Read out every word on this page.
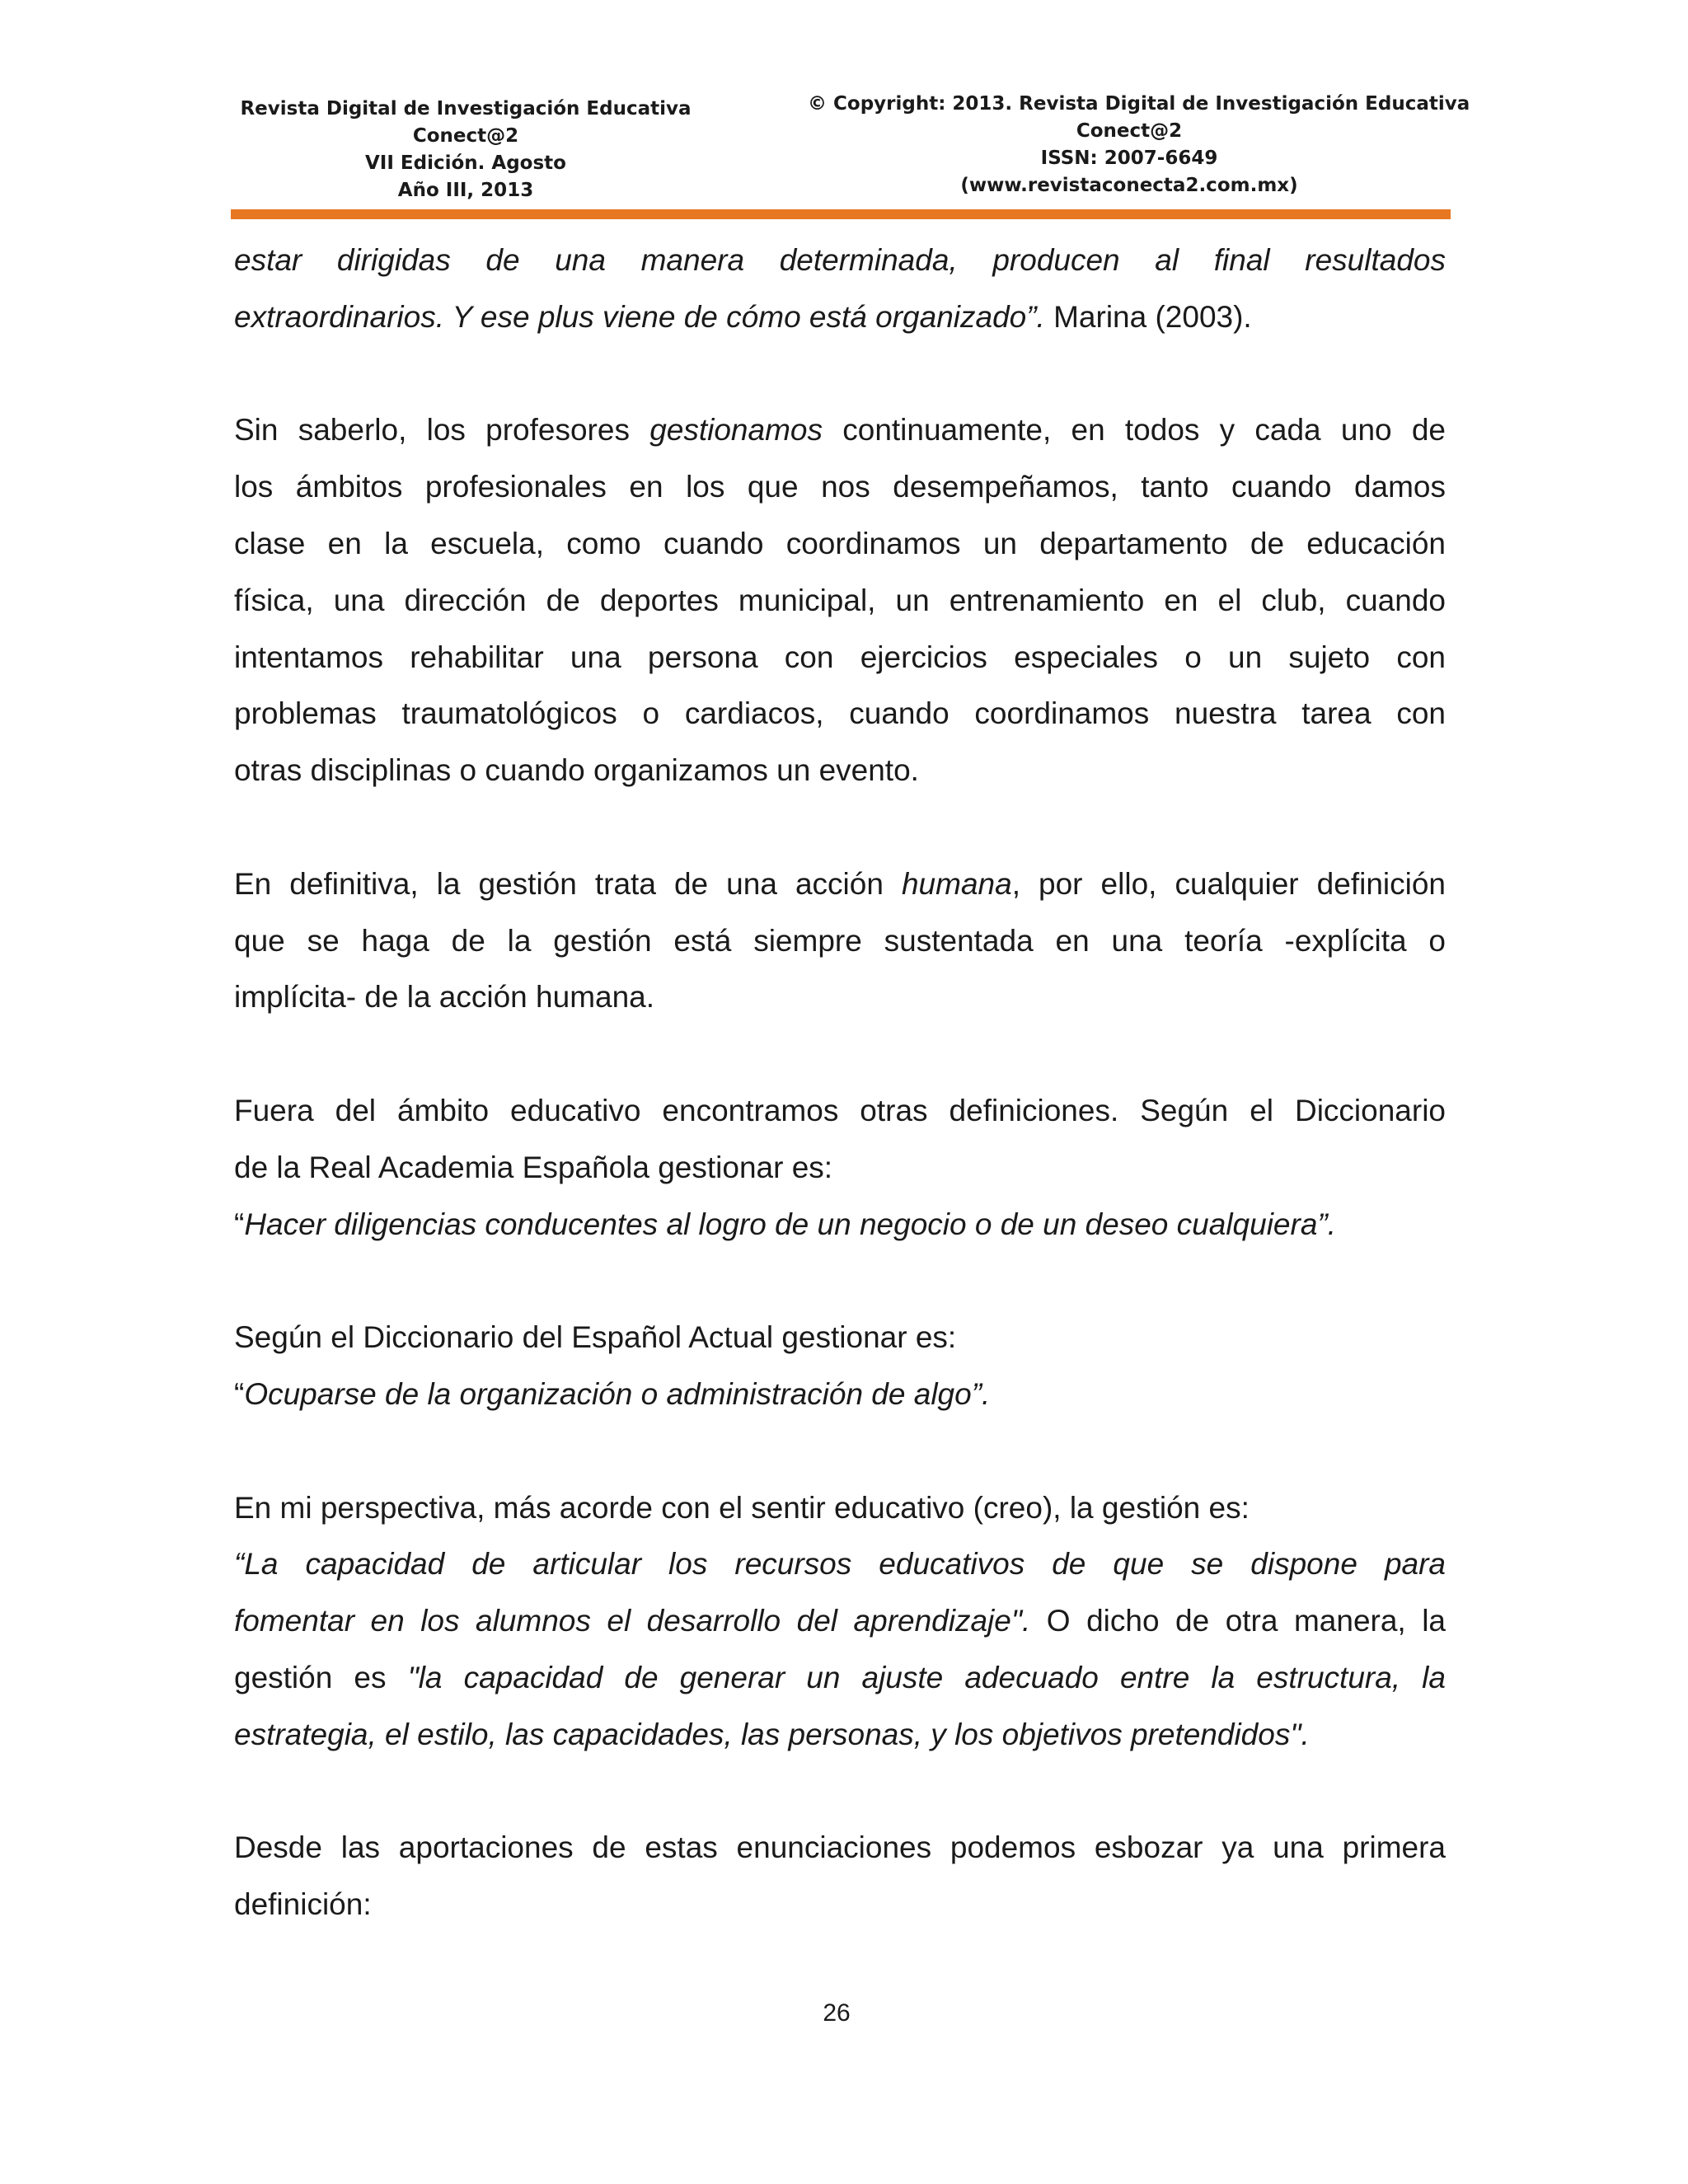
Revista Digital de Investigación Educativa
Conect@2
VII Edición. Agosto
Año III, 2013
© Copyright: 2013. Revista Digital de Investigación Educativa
Conect@2
ISSN: 2007-6649
(www.revistaconecta2.com.mx)

estar dirigidas de una manera determinada, producen al final resultados
extraordinarios. Y ese plus viene de cómo está organizado”. Marina (2003).

Sin saberlo, los profesores gestionamos continuamente, en todos y cada uno de
los ámbitos profesionales en los que nos desempeñamos, tanto cuando damos
clase en la escuela, como cuando coordinamos un departamento de educación
física, una dirección de deportes municipal, un entrenamiento en el club, cuando
intentamos rehabilitar una persona con ejercicios especiales o un sujeto con
problemas traumatológicos o cardiacos, cuando coordinamos nuestra tarea con
otras disciplinas o cuando organizamos un evento.

En definitiva, la gestión trata de una acción humana, por ello, cualquier definición
que se haga de la gestión está siempre sustentada en una teoría -explícita o
implícita- de la acción humana.

Fuera del ámbito educativo encontramos otras definiciones. Según el Diccionario
de la Real Academia Española gestionar es:
“Hacer diligencias conducentes al logro de un negocio o de un deseo cualquiera”.

Según el Diccionario del Español Actual gestionar es:
“Ocuparse de la organización o administración de algo”.

En mi perspectiva, más acorde con el sentir educativo (creo), la gestión es:
“La capacidad de articular los recursos educativos de que se dispone para
fomentar en los alumnos el desarrollo del aprendizaje". O dicho de otra manera, la
gestión es "la capacidad de generar un ajuste adecuado entre la estructura, la
estrategia, el estilo, las capacidades, las personas, y los objetivos pretendidos".

Desde las aportaciones de estas enunciaciones podemos esbozar ya una primera
definición:

26
